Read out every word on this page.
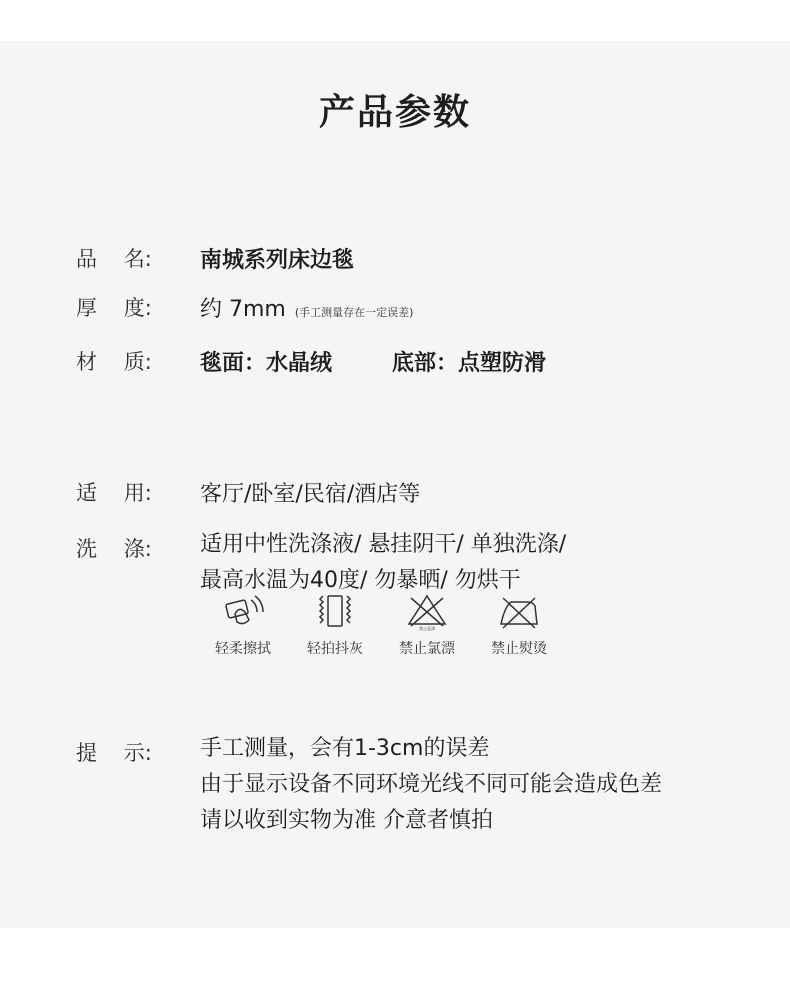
产品参数
品    名: 南城系列床边毯
厚    度: 约 7mm (手工测量存在一定误差)
材    质: 毯面：水晶绒	底部：点塑防滑
适    用: 客厅/卧室/民宿/酒店等
洗    涤: 适用中性洗涤液/ 悬挂阴干/ 单独洗涤/
最高水温为40度/ 勿暴晒/ 勿烘干
轻柔擦拭	轻拍抖灰
禁止氯漂
禁止氯漂	禁止熨烫
提    示: 手工测量，会有1-3cm的误差
由于显示设备不同环境光线不同可能会造成色差
请以收到实物为准 介意者慎拍
